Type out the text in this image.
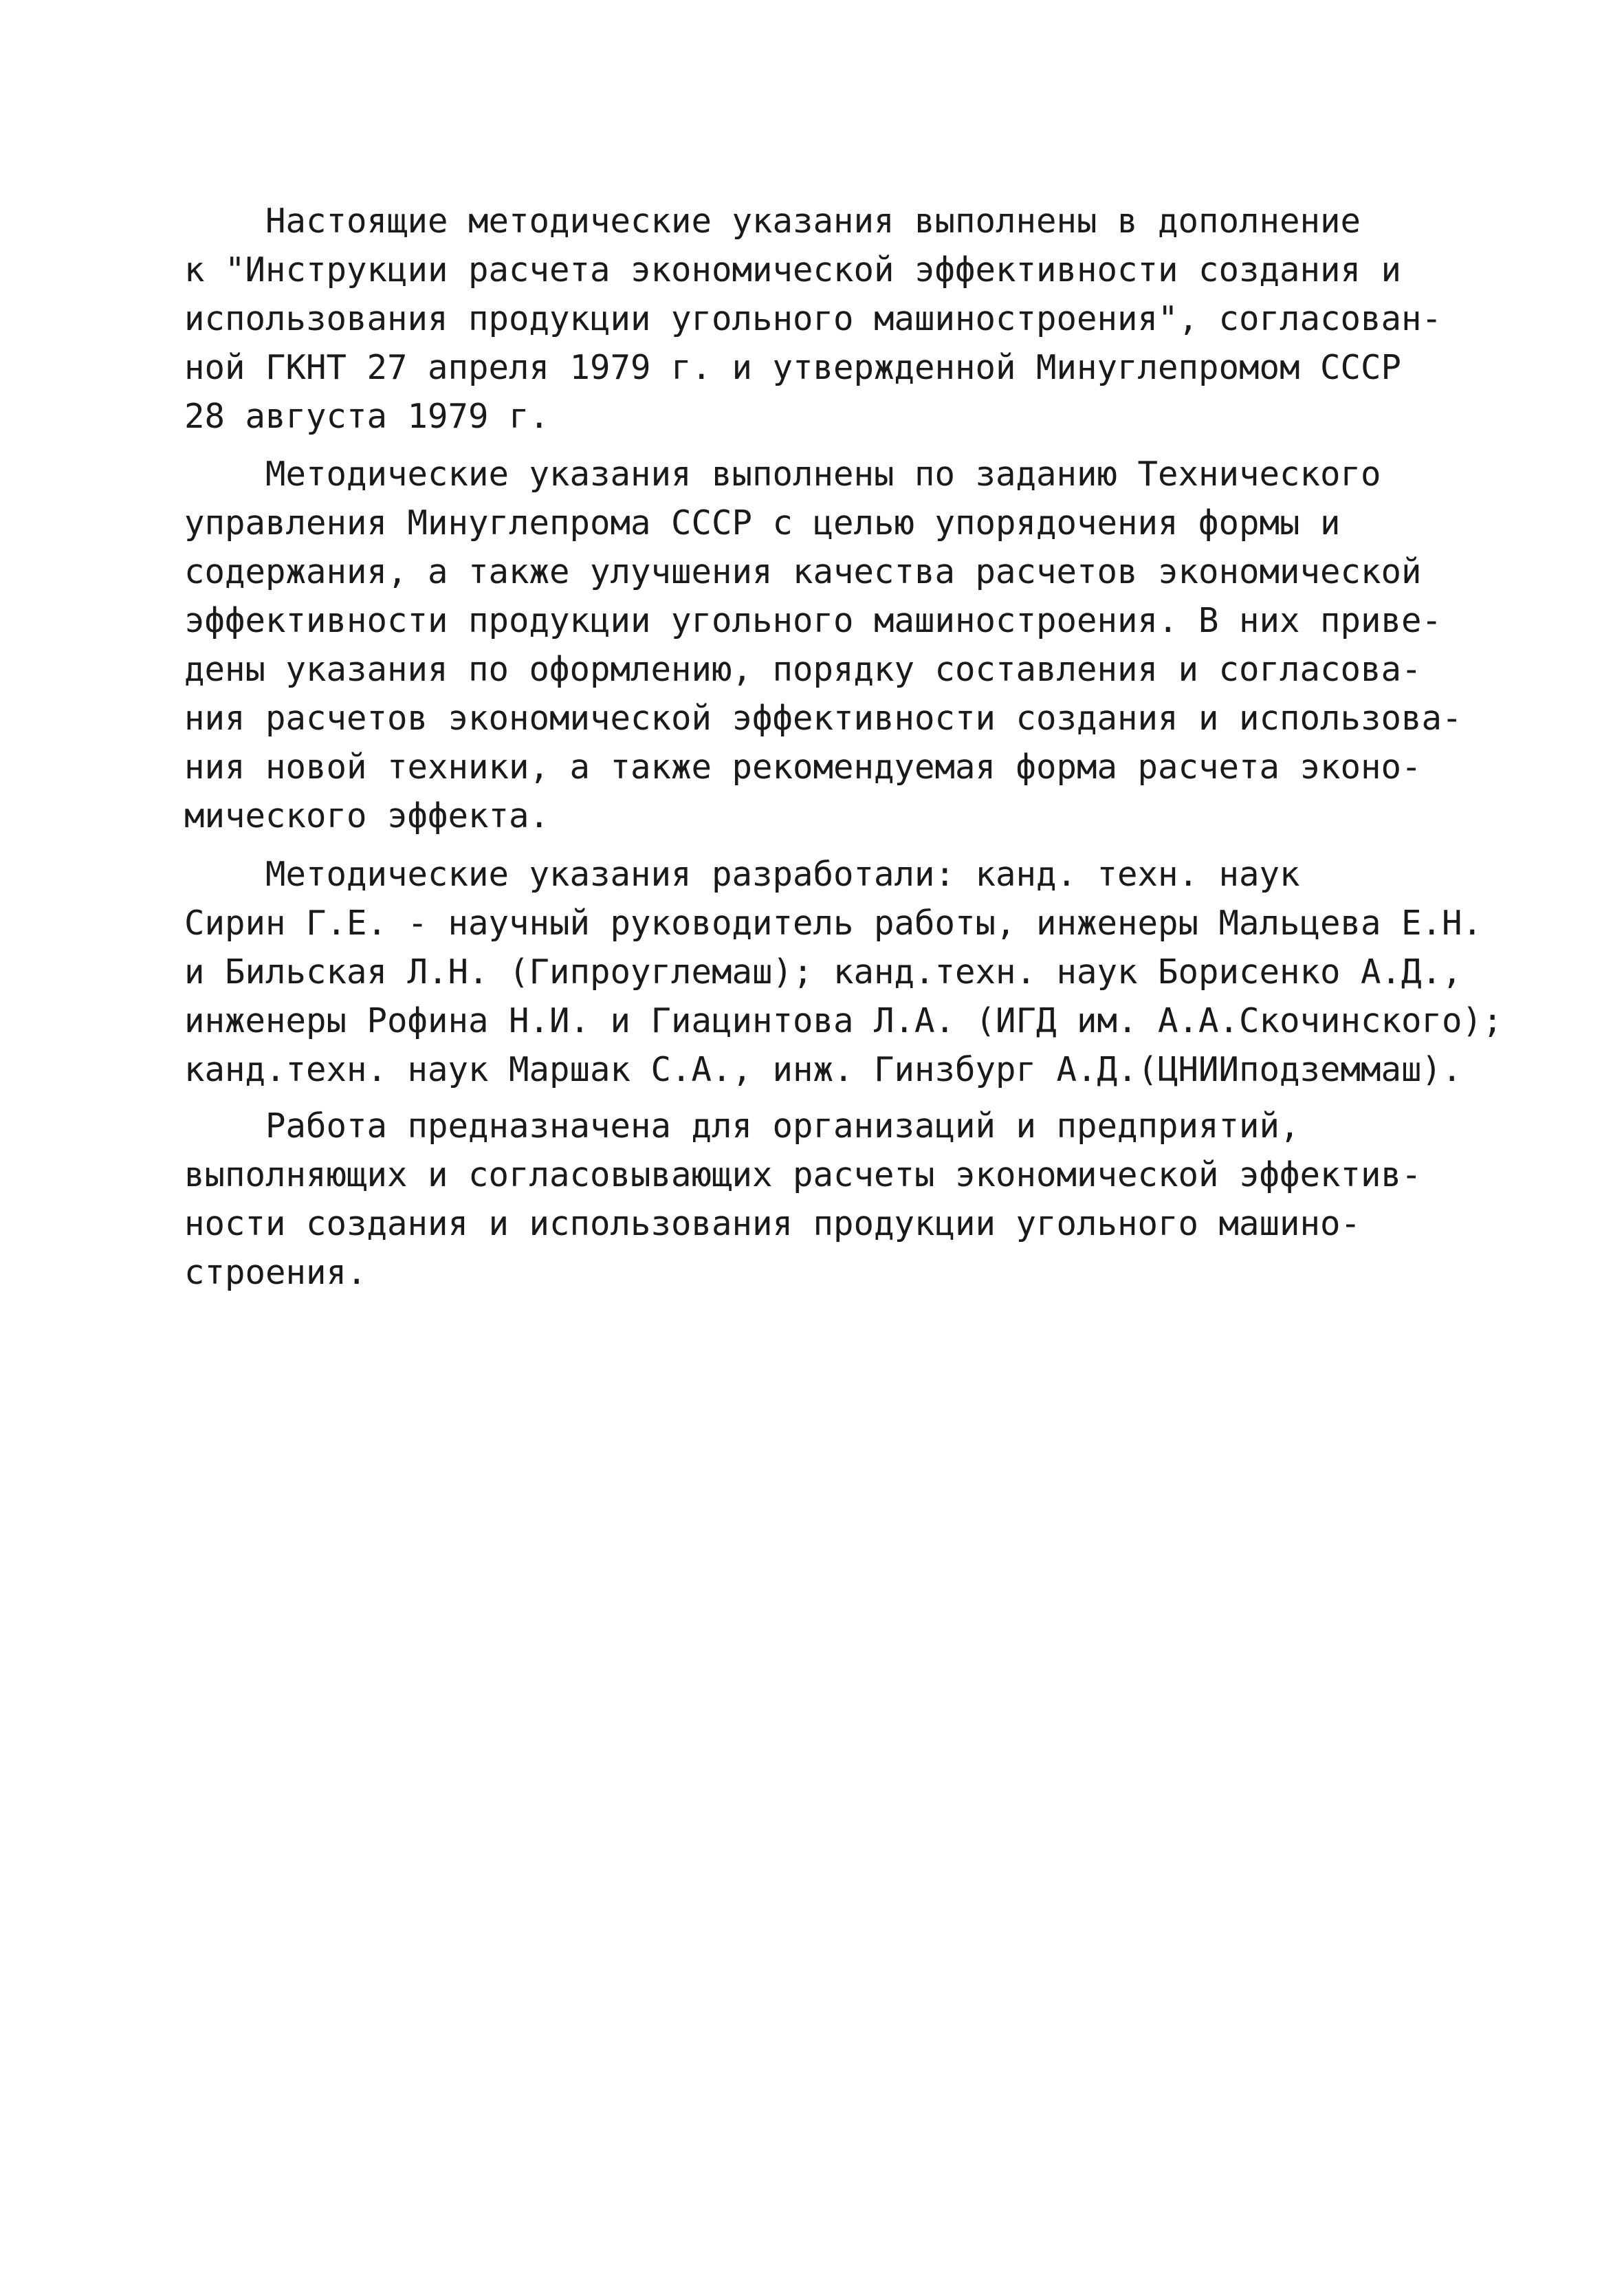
Настоящие методические указания выполнены в дополнение
к "Инструкции расчета экономической эффективности создания и
использования продукции угольного машиностроения", согласован-
ной ГКНТ 27 апреля 1979 г. и утвержденной Минуглепромом СССР
28 августа 1979 г.
Методические указания выполнены по заданию Технического
управления Минуглепрома СССР с целью упорядочения формы и
содержания, а также улучшения качества расчетов экономической
эффективности продукции угольного машиностроения. В них приве-
дены указания по оформлению, порядку составления и согласова-
ния расчетов экономической эффективности создания и использова-
ния новой техники, а также рекомендуемая форма расчета эконо-
мического эффекта.
Методические указания разработали: канд. техн. наук
Сирин Г.Е. - научный руководитель работы, инженеры Мальцева Е.Н.
и Бильская Л.Н. (Гипроуглемаш); канд.техн. наук Борисенко А.Д.,
инженеры Рофина Н.И. и Гиацинтова Л.А. (ИГД им. А.А.Скочинского);
канд.техн. наук Маршак С.А., инж. Гинзбург А.Д.(ЦНИИподземмаш).
Работа предназначена для организаций и предприятий,
выполняющих и согласовывающих расчеты экономической эффектив-
ности создания и использования продукции угольного машино-
строения.
